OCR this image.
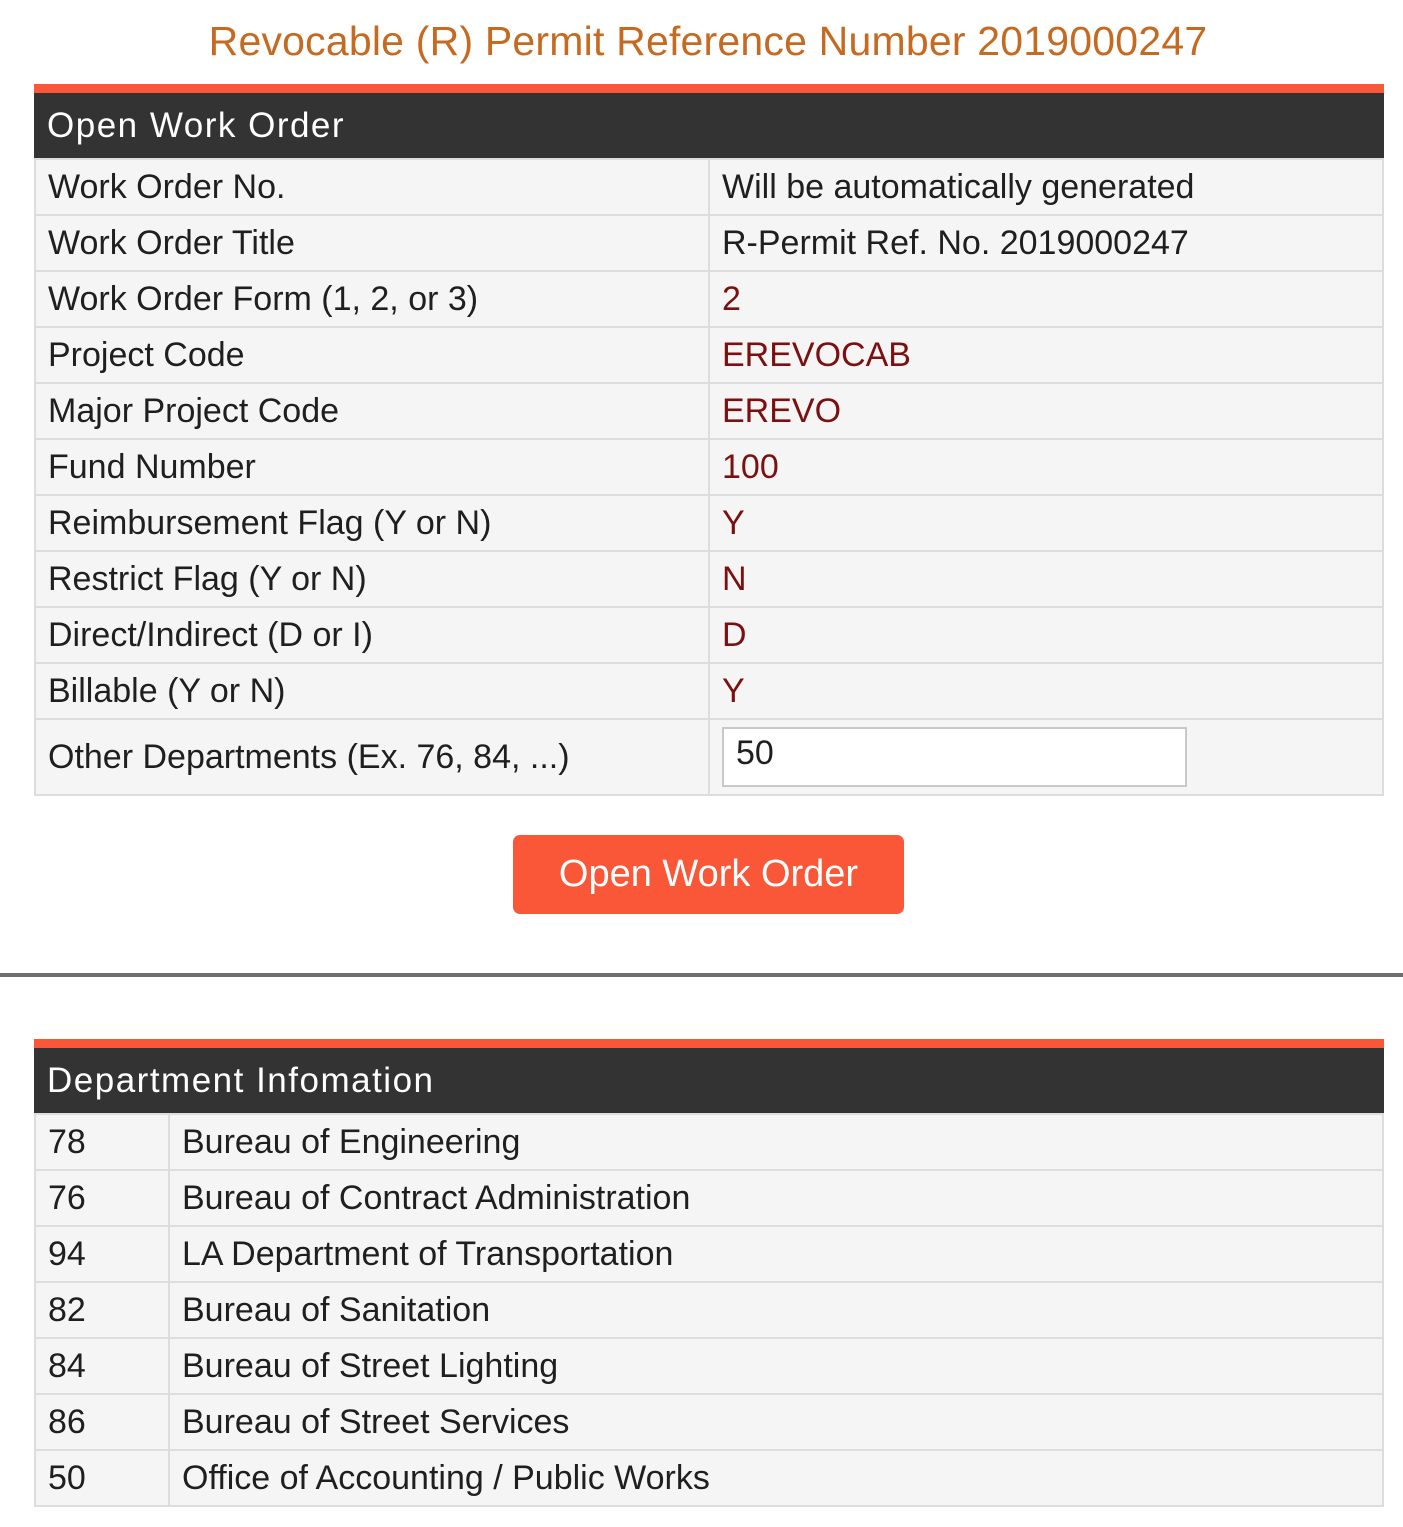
Revocable (R) Permit Reference Number 2019000247
Open Work Order
Work Order No.	Will be automatically generated
Work Order Title	R-Permit Ref. No. 2019000247
Work Order Form (1, 2, or 3)	2
Project Code	EREVOCAB
Major Project Code	EREVO
Fund Number	100
Reimbursement Flag (Y or N)	Y
Restrict Flag (Y or N)	N
Direct/Indirect (D or I)	D
Billable (Y or N)	Y
Other Departments (Ex. 76, 84, ...)	50
Open Work Order
Department Infomation
78	Bureau of Engineering
76	Bureau of Contract Administration
94	LA Department of Transportation
82	Bureau of Sanitation
84	Bureau of Street Lighting
86	Bureau of Street Services
50	Office of Accounting / Public Works
